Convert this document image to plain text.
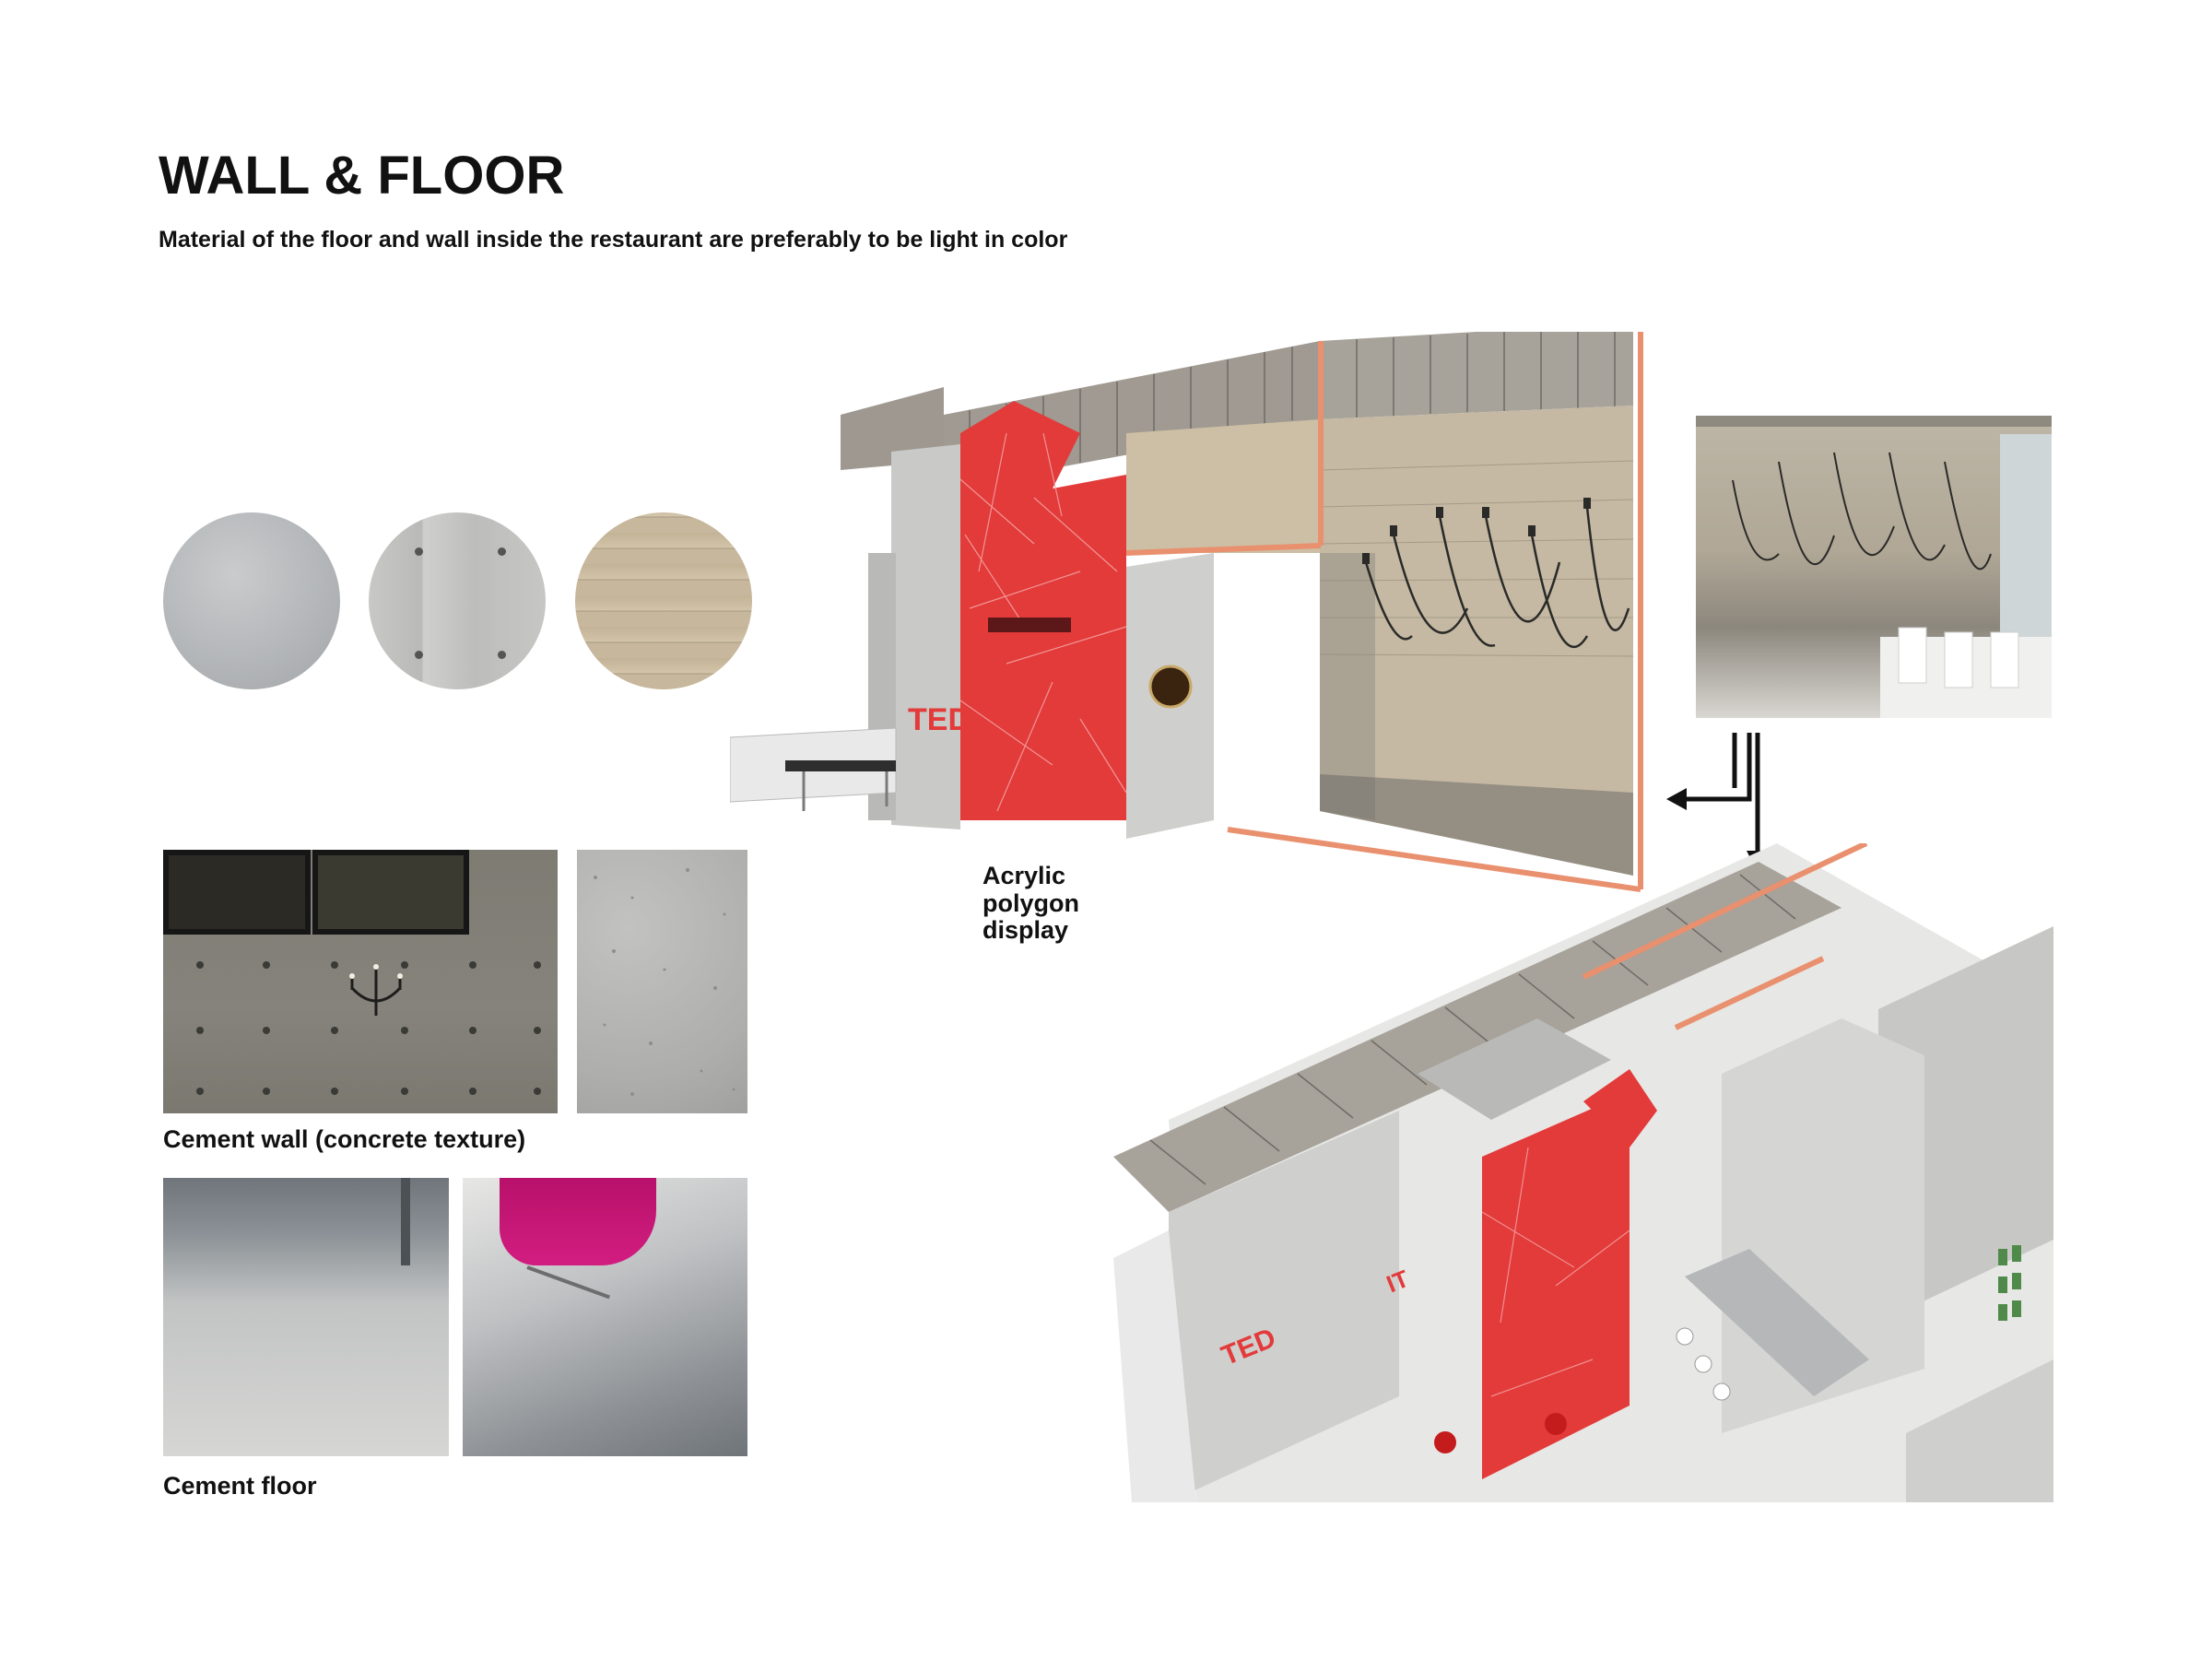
WALL & FLOOR
Material of the floor and wall inside the restaurant are preferably to be light in color
Cement wall (concrete texture)
Cement floor
TED
Acrylic
polygon
display
TED
IT
